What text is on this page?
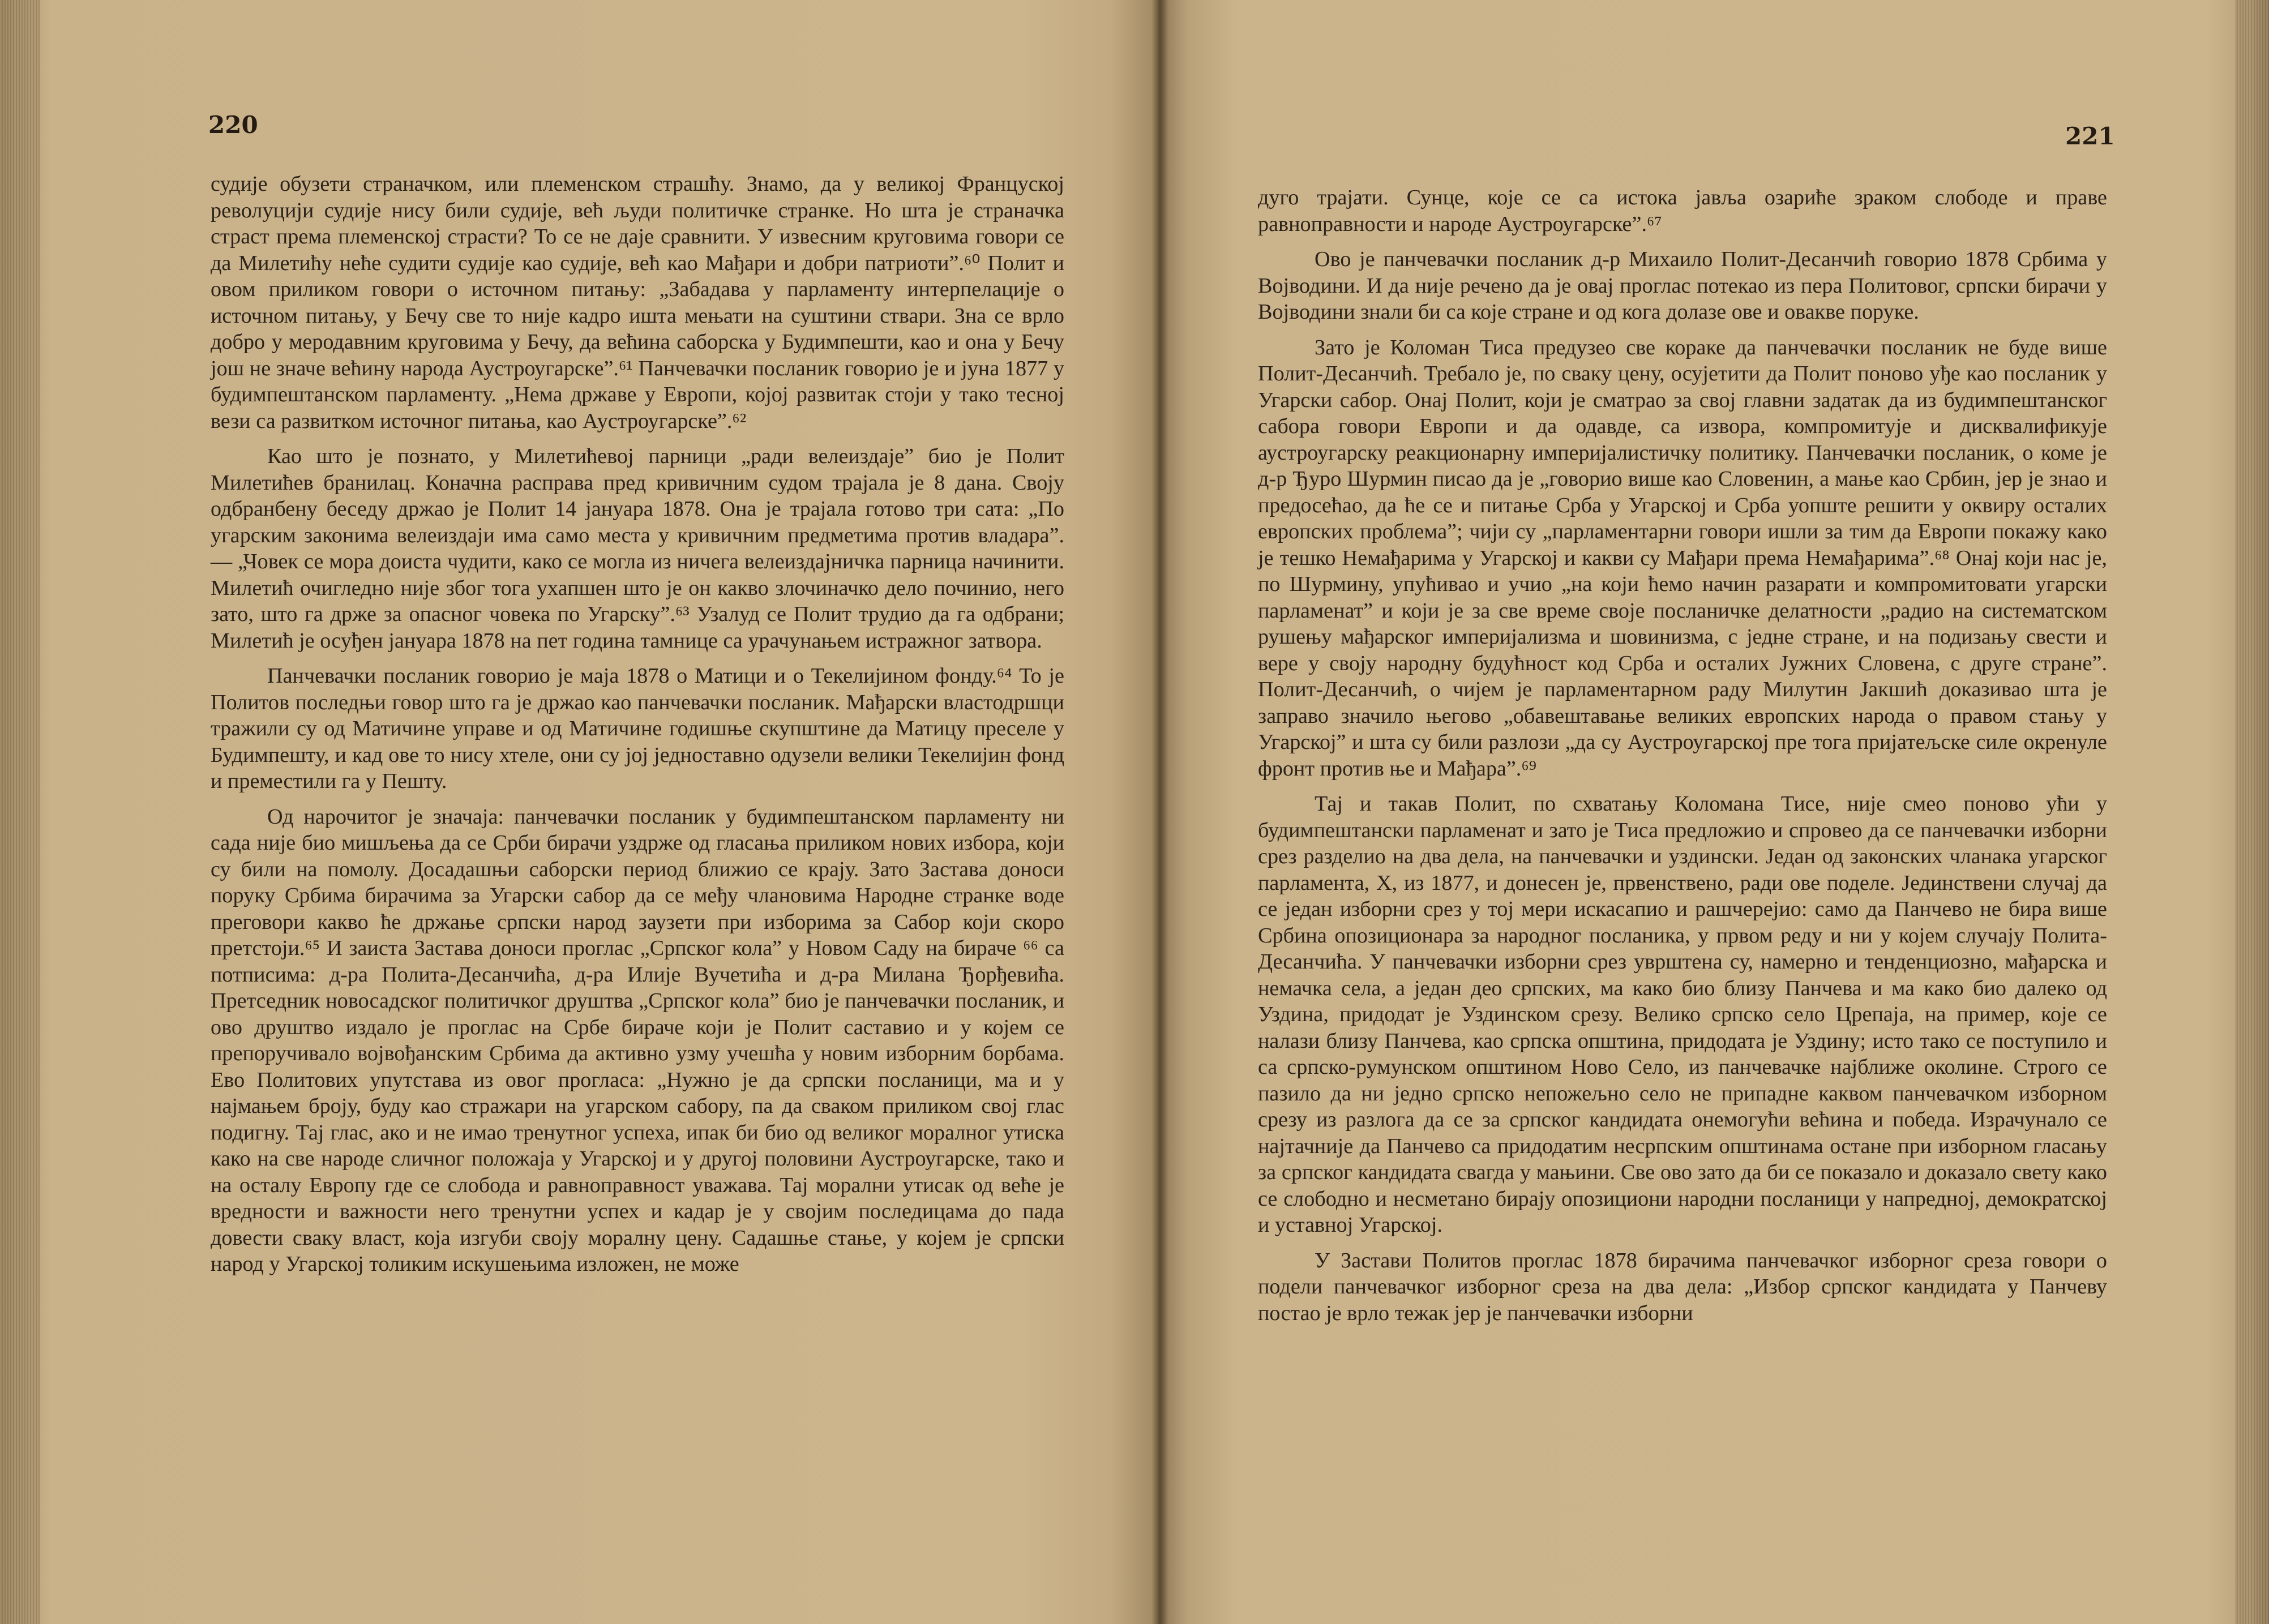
220

судије обузети страначком, или племенском страшћу. Знамо, да у великој Француској револуцији судије нису били судије, већ људи политичке странке. Но шта је страначка страст према племенској страсти? То се не даје сравнити. У извесним круговима говори се да Милетићу неће судити судије као судије, већ као Мађари и добри патриоти”.⁶⁰ Полит и овом приликом говори о источном питању: „Забадава у парламенту интерпелације о источном питању, у Бечу све то није кадро ишта мењати на суштини ствари. Зна се врло добро у меродавним круговима у Бечу, да већина саборска у Будимпешти, као и она у Бечу још не значе већину народа Аустроугарске”.⁶¹ Панчевачки посланик говорио је и јуна 1877 у будимпештанском парламенту. „Нема државе у Европи, којој развитак стоји у тако тесној вези са развитком источног питања, као Аустроугарске”.⁶²

Као што је познато, у Милетићевој парници „ради велеиздаје” био је Полит Милетићев бранилац. Коначна расправа пред кривичним судом трајала је 8 дана. Своју одбранбену беседу држао је Полит 14 јануара 1878. Она је трајала готово три сата: „По угарским законима велеиздаји има само места у кривичним предметима против владара”. — „Човек се мора доиста чудити, како се могла из ничега велеиздајничка парница начинити. Милетић очигледно није због тога ухапшен што је он какво злочиначко дело починио, него зато, што га држе за опасног човека по Угарску”.⁶³ Узалуд се Полит трудио да га одбрани; Милетић је осуђен јануара 1878 на пет година тамнице са урачунањем истражног затвора.

Панчевачки посланик говорио је маја 1878 о Матици и о Текелијином фонду.⁶⁴ То је Политов последњи говор што га је држао као панчевачки посланик. Мађарски властодршци тражили су од Матичине управе и од Матичине годишње скупштине да Матицу преселе у Будимпешту, и кад ове то нису хтеле, они су јој једноставно одузели велики Текелијин фонд и преместили га у Пешту.

Од нарочитог је значаја: панчевачки посланик у будимпештанском парламенту ни сада није био мишљења да се Срби бирачи уздрже од гласања приликом нових избора, који су били на помолу. Досадашњи саборски период ближио се крају. Зато Застава доноси поруку Србима бирачима за Угарски сабор да се међу члановима Народне странке воде преговори какво ће држање српски народ заузети при изборима за Сабор који скоро претстоји.⁶⁵ И заиста Застава доноси проглас „Српског кола” у Новом Саду на бираче ⁶⁶ са потписима: д-ра Полита-Десанчића, д-ра Илије Вучетића и д-ра Милана Ђорђевића. Претседник новосадског политичког друштва „Српског кола” био је панчевачки посланик, и ово друштво издало је проглас на Србе бираче који је Полит саставио и у којем се препоручивало војвођанским Србима да активно узму учешћа у новим изборним борбама. Ево Политових упутстава из овог прогласа: „Нужно је да српски посланици, ма и у најмањем броју, буду као стражари на угарском сабору, па да сваком приликом свој глас подигну. Тај глас, ако и не имао тренутног успеха, ипак би био од великог моралног утиска како на све народе сличног положаја у Угарској и у другој половини Аустроугарске, тако и на осталу Европу где се слобода и равноправност уважава. Тај морални утисак од веће је вредности и важности него тренутни успех и кадар је у својим последицама до пада довести сваку власт, која изгуби своју моралну цену. Садашње стање, у којем је српски народ у Угарској толиким искушењима изложен, не може

221

дуго трајати. Сунце, које се са истока јавља озариће зраком слободе и праве равноправности и народе Аустроугарске”.⁶⁷

Ово је панчевачки посланик д-р Михаило Полит-Десанчић говорио 1878 Србима у Војводини. И да није речено да је овај проглас потекао из пера Политовог, српски бирачи у Војводини знали би са које стране и од кога долазе ове и овакве поруке.

Зато је Коломан Тиса предузео све кораке да панчевачки посланик не буде више Полит-Десанчић. Требало је, по сваку цену, осујетити да Полит поново уђе као посланик у Угарски сабор. Онај Полит, који је сматрао за свој главни задатак да из будимпештанског сабора говори Европи и да одавде, са извора, компромитује и дисквалификује аустроугарску реакционарну империјалистичку политику. Панчевачки посланик, о коме је д-р Ђуро Шурмин писао да је „говорио више као Словенин, а мање као Србин, јер је знао и предосећао, да ће се и питање Срба у Угарској и Срба уопште решити у оквиру осталих европских проблема”; чији су „парламентарни говори ишли за тим да Европи покажу како је тешко Немађарима у Угарској и какви су Мађари према Немађарима”.⁶⁸ Онај који нас је, по Шурмину, упућивао и учио „на који ћемо начин разарати и компромитовати угарски парламенат” и који је за све време своје посланичке делатности „радио на систематском рушењу мађарског империјализма и шовинизма, с једне стране, и на подизању свести и вере у своју народну будућност код Срба и осталих Јужних Словена, с друге стране”. Полит-Десанчић, о чијем је парламентарном раду Милутин Јакшић доказивао шта је заправо значило његово „обавештавање великих европских народа о правом стању у Угарској” и шта су били разлози „да су Аустроугарској пре тога пријатељске силе окренуле фронт против ње и Мађара”.⁶⁹

Тај и такав Полит, по схватању Коломана Тисе, није смео поново ући у будимпештански парламенат и зато је Тиса предложио и спровео да се панчевачки изборни срез разделио на два дела, на панчевачки и уздински. Један од законских чланака угарског парламента, X, из 1877, и донесен је, првенствено, ради ове поделе. Јединствени случај да се један изборни срез у тој мери искасапио и рашчерејио: само да Панчево не бира више Србина опозиционара за народног посланика, у првом реду и ни у којем случају Полита-Десанчића. У панчевачки изборни срез уврштена су, намерно и тенденциозно, мађарска и немачка села, а један део српских, ма како био близу Панчева и ма како био далеко од Уздина, придодат је Уздинском срезу. Велико српско село Црепаја, на пример, које се налази близу Панчева, као српска општина, придодата је Уздину; исто тако се поступило и са српско-румунском општином Ново Село, из панчевачке најближе околине. Строго се пазило да ни једно српско непожељно село не припадне каквом панчевачком изборном срезу из разлога да се за српског кандидата онемогући већина и победа. Израчунало се најтачније да Панчево са придодатим несрпским општинама остане при изборном гласању за српског кандидата свагда у мањини. Све ово зато да би се показало и доказало свету како се слободно и несметано бирају опозициони народни посланици у напредној, демократској и уставној Угарској.

У Застави Политов проглас 1878 бирачима панчевачког изборног среза говори о подели панчевачког изборног среза на два дела: „Избор српског кандидата у Панчеву постао је врло тежак јер је панчевачки изборни
